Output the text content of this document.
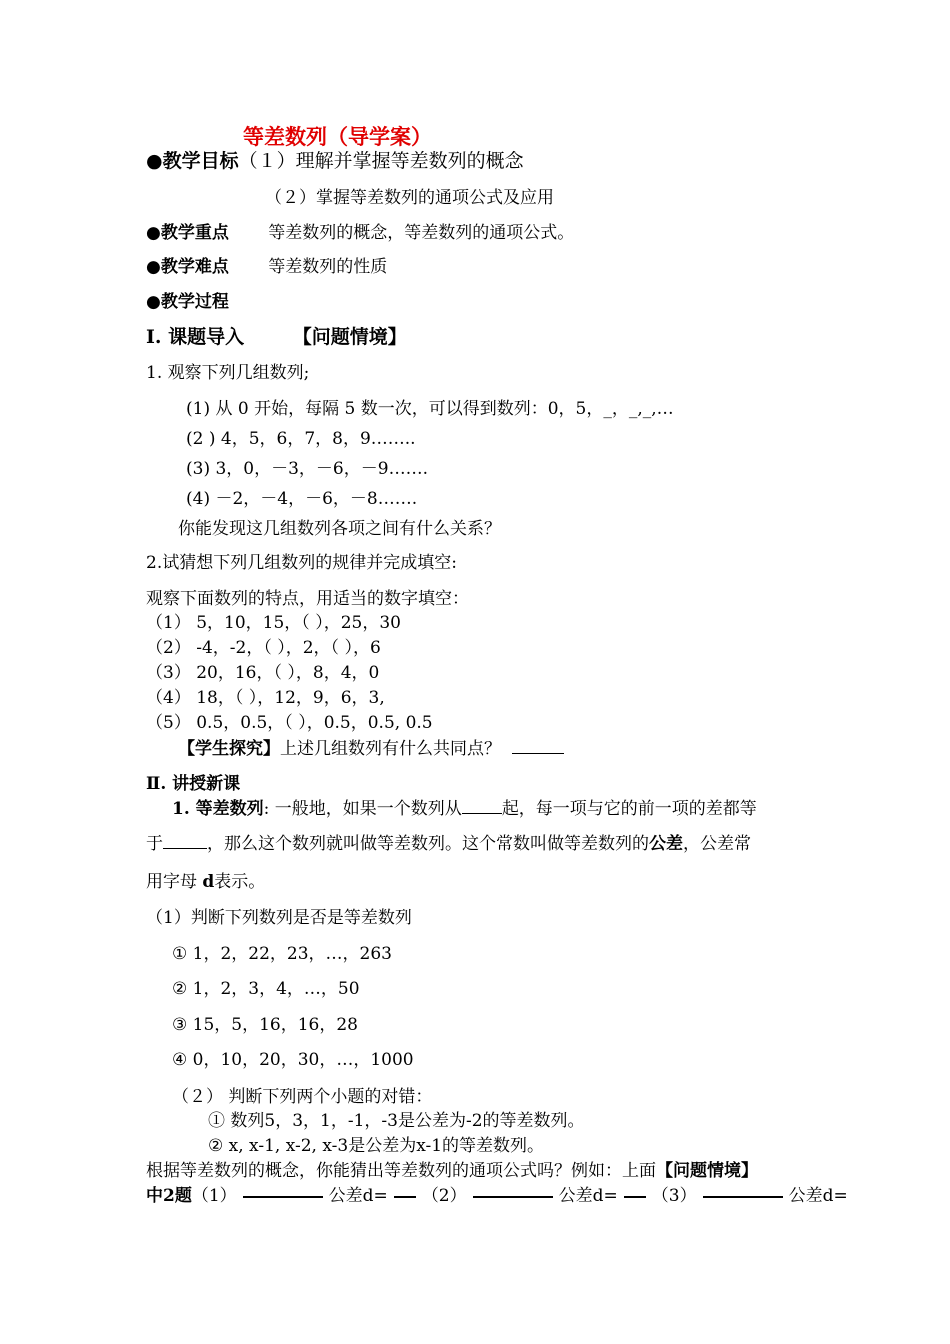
等差数列（导学案）
●教学目标（１）理解并掌握等差数列的概念
（２）掌握等差数列的通项公式及应用
●教学重点 等差数列的概念，等差数列的通项公式。
●教学难点 等差数列的性质
●教学过程
Ⅰ. 课题导入	【问题情境】
1. 观察下列几组数列;
(1) 从 0 开始，每隔 5 数一次，可以得到数列：0，5，_，_,_,…
(2 ) 4，5，6，7，8，9……..
(3) 3，0，－3，－6，－9…….
(4) －2，－4，－6，－8…….
你能发现这几组数列各项之间有什么关系？
2.试猜想下列几组数列的规律并完成填空:
观察下面数列的特点，用适当的数字填空：
（1） 5，10，15，（ ），25，30
（2） -4，-2，（ ），2，（ ），6
（3） 20，16，（ ），8，4，0
（4） 18，（ ），12，9，6，3,
（5） 0.5，0.5，（ ），0.5，0.5, 0.5
【学生探究】上述几组数列有什么共同点？
Ⅱ. 讲授新课
1. 等差数列: 一般地，如果一个数列从 起，每一项与它的前一项的差都等
于	，那么这个数列就叫做等差数列。这个常数叫做等差数列的公差，公差常
用字母 d表示。
（1）判断下列数列是否是等差数列
① 1，2，22，23，…，263
② 1，2，3，4，…，50
③ 15，5，16，16，28
④ 0，10，20，30，…，1000
（２） 判断下列两个小题的对错：
① 数列5，3，1，-1，-3是公差为-2的等差数列。
② x, x-1, x-2, x-3是公差为x-1的等差数列。
根据等差数列的概念，你能猜出等差数列的通项公式吗？例如：上面【问题情境】
中2题（1）	公差d= （2）	公差d= （3）	公差d=
